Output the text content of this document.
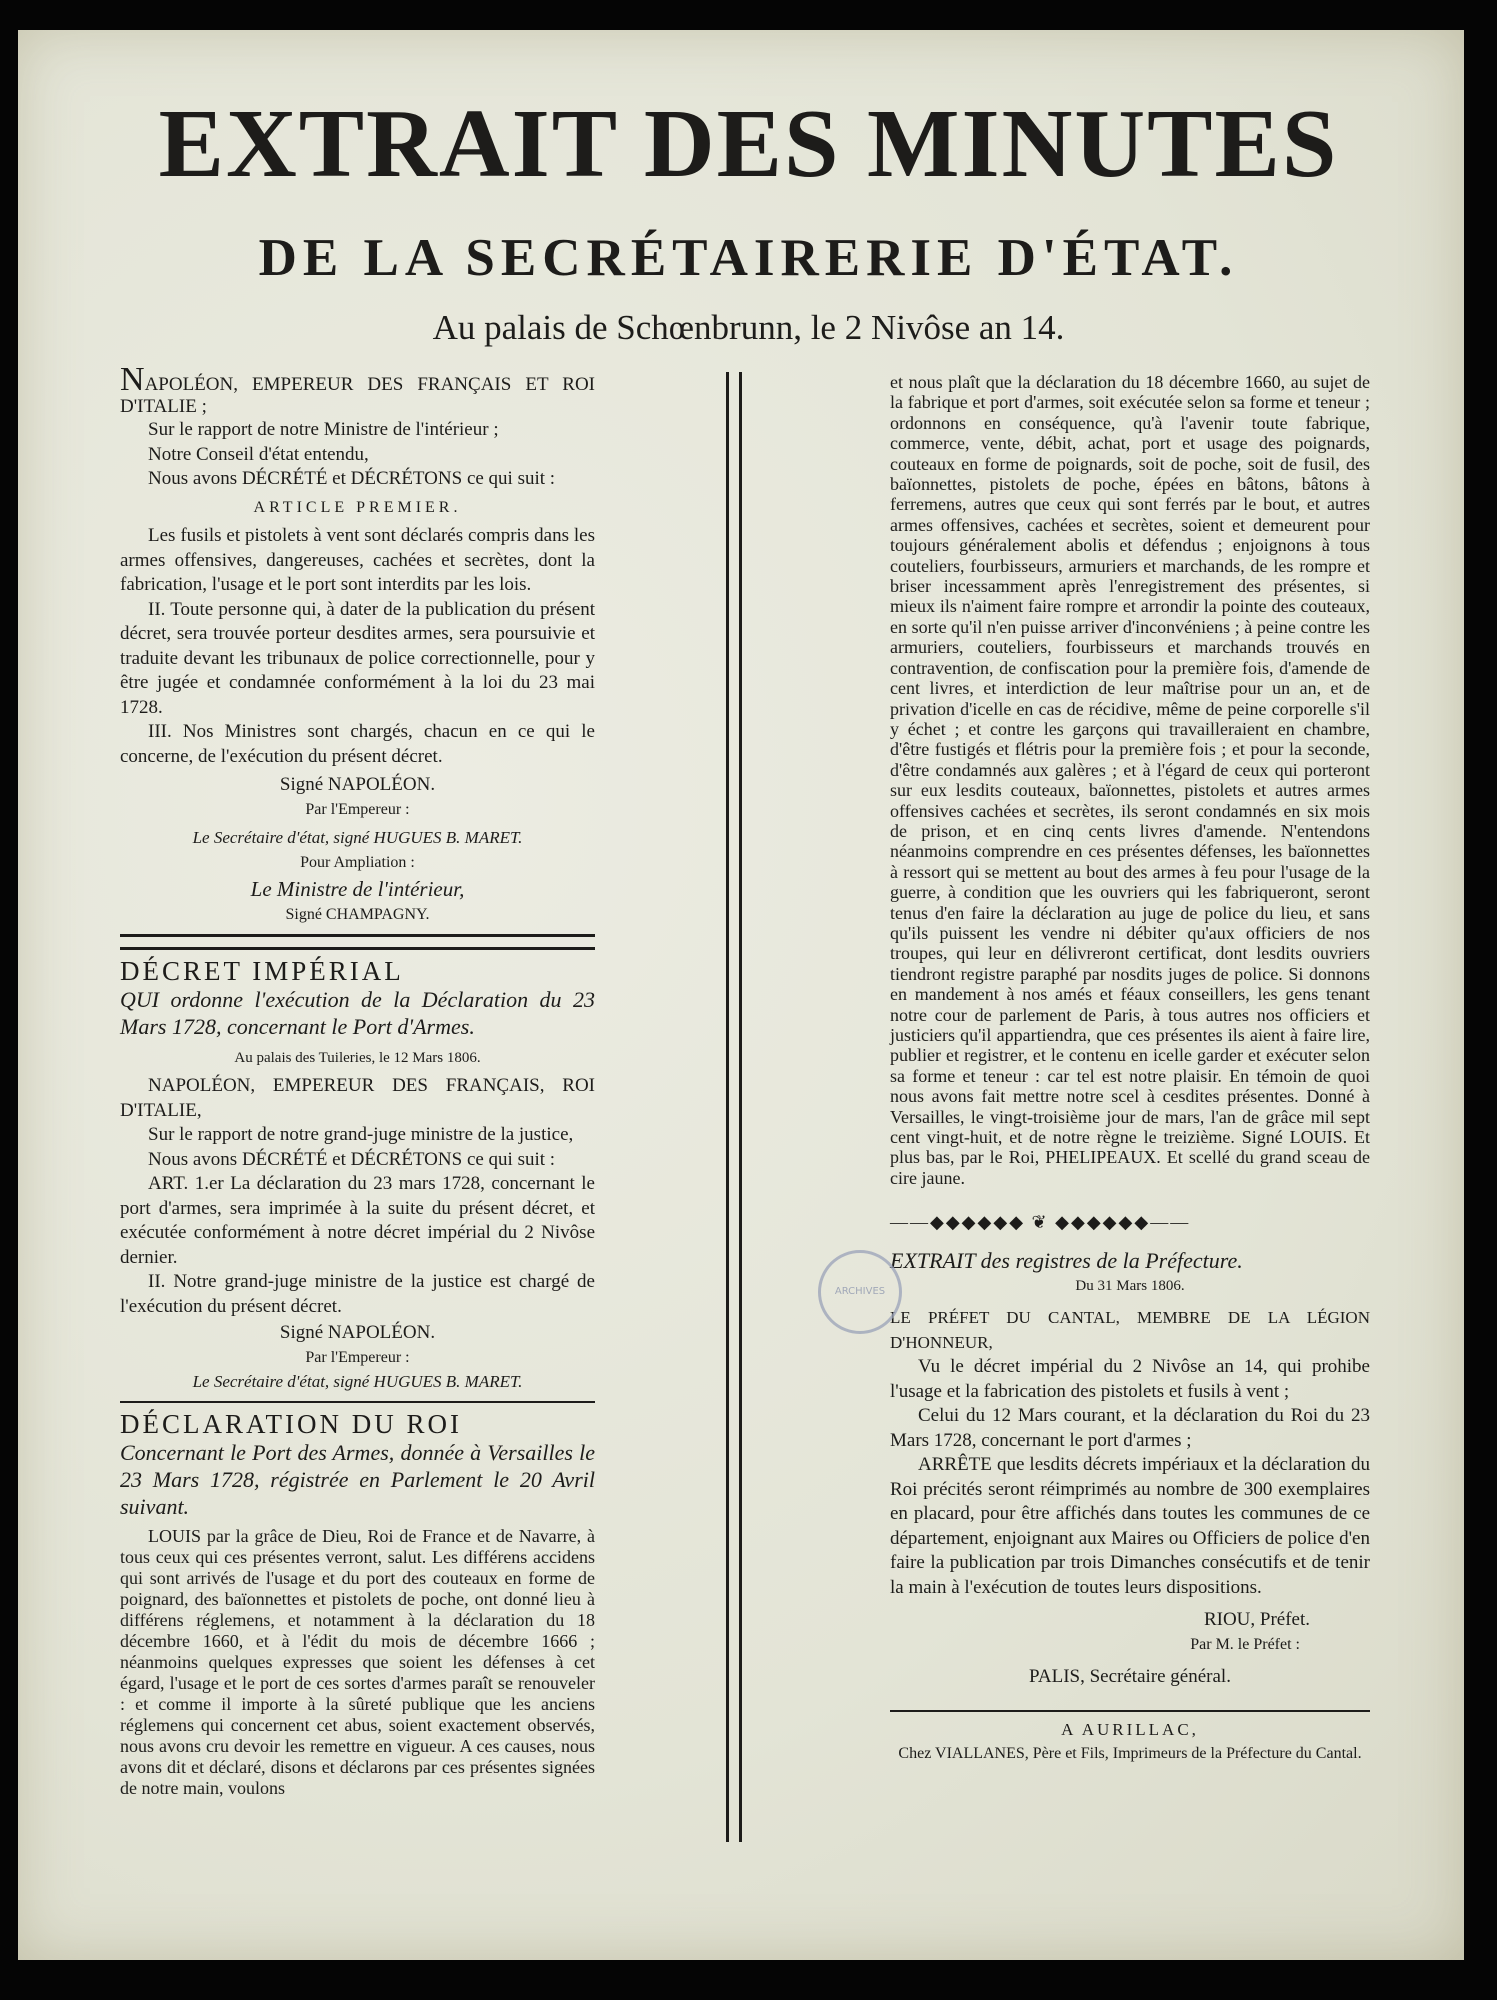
EXTRAIT DES MINUTES
DE LA SECRÉTAIRERIE D'ÉTAT.
Au palais de Schœnbrunn, le 2 Nivôse an 14.

NAPOLÉON, EMPEREUR DES FRANÇAIS ET ROI D'ITALIE ;

Sur le rapport de notre Ministre de l'intérieur ;

Notre Conseil d'état entendu,

Nous avons DÉCRÉTÉ et DÉCRÉTONS ce qui suit :

ARTICLE PREMIER.

Les fusils et pistolets à vent sont déclarés compris dans les armes offensives, dangereuses, cachées et secrètes, dont la fabrication, l'usage et le port sont interdits par les lois.

II. Toute personne qui, à dater de la publication du présent décret, sera trouvée porteur desdites armes, sera poursuivie et traduite devant les tribunaux de police correctionnelle, pour y être jugée et condamnée conformément à la loi du 23 mai 1728.

III. Nos Ministres sont chargés, chacun en ce qui le concerne, de l'exécution du présent décret.

Signé NAPOLÉON.

Par l'Empereur :

Le Secrétaire d'état, signé HUGUES B. MARET.

Pour Ampliation :

Le Ministre de l'intérieur,

Signé CHAMPAGNY.

DÉCRET IMPÉRIAL

QUI ordonne l'exécution de la Déclaration du 23 Mars 1728, concernant le Port d'Armes.

Au palais des Tuileries, le 12 Mars 1806.

NAPOLÉON, EMPEREUR DES FRANÇAIS, ROI D'ITALIE,

Sur le rapport de notre grand-juge ministre de la justice,

Nous avons DÉCRÉTÉ et DÉCRÉTONS ce qui suit :

ART. 1.er La déclaration du 23 mars 1728, concernant le port d'armes, sera imprimée à la suite du présent décret, et exécutée conformément à notre décret impérial du 2 Nivôse dernier.

II. Notre grand-juge ministre de la justice est chargé de l'exécution du présent décret.

Signé NAPOLÉON.

Par l'Empereur :

Le Secrétaire d'état, signé HUGUES B. MARET.

DÉCLARATION DU ROI

Concernant le Port des Armes, donnée à Versailles le 23 Mars 1728, régistrée en Parlement le 20 Avril suivant.

LOUIS par la grâce de Dieu, Roi de France et de Navarre, à tous ceux qui ces présentes verront, salut. Les différens accidens qui sont arrivés de l'usage et du port des couteaux en forme de poignard, des baïonnettes et pistolets de poche, ont donné lieu à différens réglemens, et notamment à la déclaration du 18 décembre 1660, et à l'édit du mois de décembre 1666 ; néanmoins quelques expresses que soient les défenses à cet égard, l'usage et le port de ces sortes d'armes paraît se renouveler : et comme il importe à la sûreté publique que les anciens réglemens qui concernent cet abus, soient exactement observés, nous avons cru devoir les remettre en vigueur. A ces causes, nous avons dit et déclaré, disons et déclarons par ces présentes signées de notre main, voulons

et nous plaît que la déclaration du 18 décembre 1660, au sujet de la fabrique et port d'armes, soit exécutée selon sa forme et teneur ; ordonnons en conséquence, qu'à l'avenir toute fabrique, commerce, vente, débit, achat, port et usage des poignards, couteaux en forme de poignards, soit de poche, soit de fusil, des baïonnettes, pistolets de poche, épées en bâtons, bâtons à ferremens, autres que ceux qui sont ferrés par le bout, et autres armes offensives, cachées et secrètes, soient et demeurent pour toujours généralement abolis et défendus ; enjoignons à tous couteliers, fourbisseurs, armuriers et marchands, de les rompre et briser incessamment après l'enregistrement des présentes, si mieux ils n'aiment faire rompre et arrondir la pointe des couteaux, en sorte qu'il n'en puisse arriver d'inconvéniens ; à peine contre les armuriers, couteliers, fourbisseurs et marchands trouvés en contravention, de confiscation pour la première fois, d'amende de cent livres, et interdiction de leur maîtrise pour un an, et de privation d'icelle en cas de récidive, même de peine corporelle s'il y échet ; et contre les garçons qui travailleraient en chambre, d'être fustigés et flétris pour la première fois ; et pour la seconde, d'être condamnés aux galères ; et à l'égard de ceux qui porteront sur eux lesdits couteaux, baïonnettes, pistolets et autres armes offensives cachées et secrètes, ils seront condamnés en six mois de prison, et en cinq cents livres d'amende. N'entendons néanmoins comprendre en ces présentes défenses, les baïonnettes à ressort qui se mettent au bout des armes à feu pour l'usage de la guerre, à condition que les ouvriers qui les fabriqueront, seront tenus d'en faire la déclaration au juge de police du lieu, et sans qu'ils puissent les vendre ni débiter qu'aux officiers de nos troupes, qui leur en délivreront certificat, dont lesdits ouvriers tiendront registre paraphé par nosdits juges de police. Si donnons en mandement à nos amés et féaux conseillers, les gens tenant notre cour de parlement de Paris, à tous autres nos officiers et justiciers qu'il appartiendra, que ces présentes ils aient à faire lire, publier et registrer, et le contenu en icelle garder et exécuter selon sa forme et teneur : car tel est notre plaisir. En témoin de quoi nous avons fait mettre notre scel à cesdites présentes. Donné à Versailles, le vingt-troisième jour de mars, l'an de grâce mil sept cent vingt-huit, et de notre règne le treizième. Signé LOUIS. Et plus bas, par le Roi, PHELIPEAUX. Et scellé du grand sceau de cire jaune.

——◆◆◆◆◆◆ ❦ ◆◆◆◆◆◆——

EXTRAIT des registres de la Préfecture.

Du 31 Mars 1806.

LE PRÉFET DU CANTAL, MEMBRE DE LA LÉGION D'HONNEUR,

Vu le décret impérial du 2 Nivôse an 14, qui prohibe l'usage et la fabrication des pistolets et fusils à vent ;

Celui du 12 Mars courant, et la déclaration du Roi du 23 Mars 1728, concernant le port d'armes ;

ARRÊTE que lesdits décrets impériaux et la déclaration du Roi précités seront réimprimés au nombre de 300 exemplaires en placard, pour être affichés dans toutes les communes de ce département, enjoignant aux Maires ou Officiers de police d'en faire la publication par trois Dimanches consécutifs et de tenir la main à l'exécution de toutes leurs dispositions.

RIOU, Préfet.

Par M. le Préfet :

PALIS, Secrétaire général.

A AURILLAC,

Chez VIALLANES, Père et Fils, Imprimeurs de la Préfecture du Cantal.

ARCHIVES
